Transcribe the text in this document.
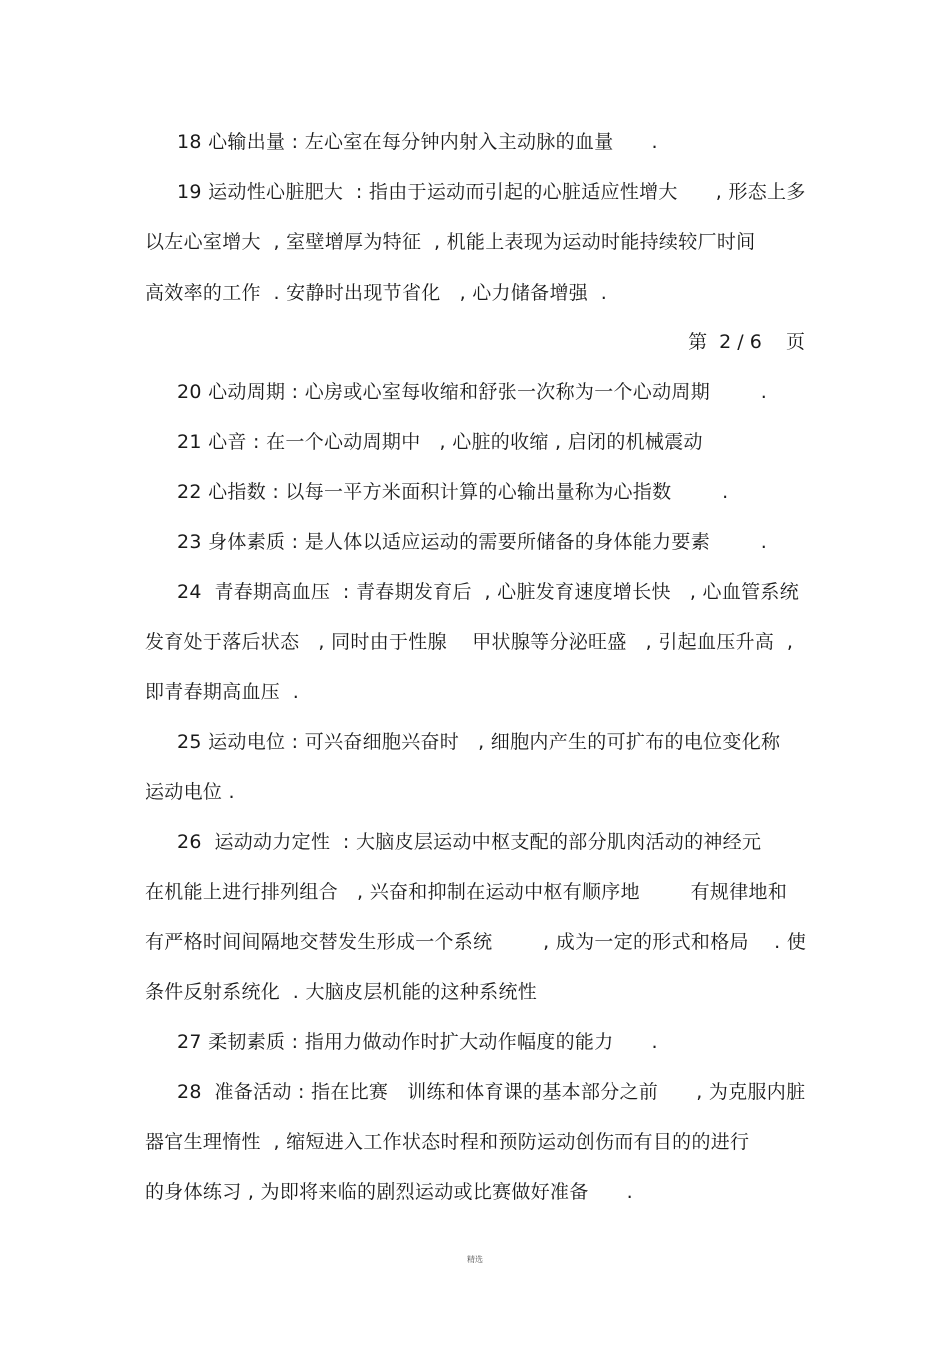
18 心输出量 : 左心室在每分钟内射入主动脉的血量      .
19 运动性心脏肥大  : 指由于运动而引起的心脏适应性增大      , 形态上多
以左心室增大  , 室壁增厚为特征  , 机能上表现为运动时能持续较厂时间
高效率的工作  . 安静时出现节省化   , 心力储备增强  .
第  2 / 6    页
20 心动周期 : 心房或心室每收缩和舒张一次称为一个心动周期        .
21 心音 : 在一个心动周期中   , 心脏的收缩 , 启闭的机械震动
22 心指数 : 以每一平方米面积计算的心输出量称为心指数        .
23 身体素质 : 是人体以适应运动的需要所储备的身体能力要素        .
24  青春期高血压  : 青春期发育后  , 心脏发育速度增长快   , 心血管系统
发育处于落后状态   , 同时由于性腺    甲状腺等分泌旺盛   , 引起血压升高  ,
即青春期高血压  .
25 运动电位 : 可兴奋细胞兴奋时   , 细胞内产生的可扩布的电位变化称
运动电位 .
26  运动动力定性  : 大脑皮层运动中枢支配的部分肌肉活动的神经元
在机能上进行排列组合   , 兴奋和抑制在运动中枢有顺序地        有规律地和
有严格时间间隔地交替发生形成一个系统        , 成为一定的形式和格局    . 使
条件反射系统化  . 大脑皮层机能的这种系统性
27 柔韧素质 : 指用力做动作时扩大动作幅度的能力      .
28  准备活动 : 指在比赛   训练和体育课的基本部分之前      , 为克服内脏
器官生理惰性  , 缩短进入工作状态时程和预防运动创伤而有目的的进行
的身体练习 , 为即将来临的剧烈运动或比赛做好准备      .
精选
